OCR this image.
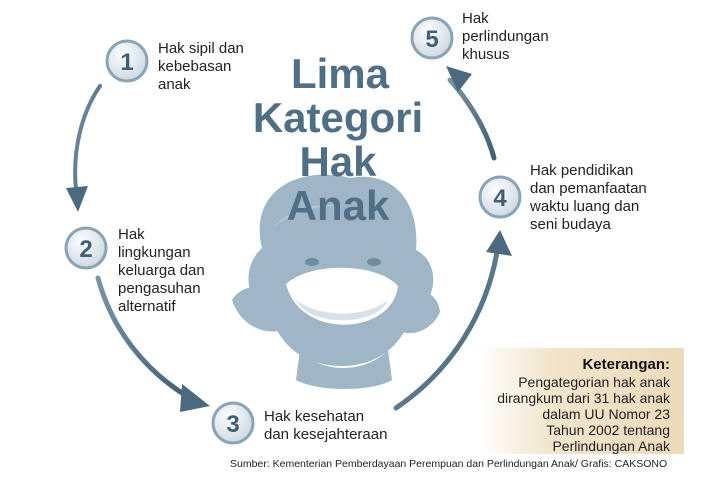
Lima
Kategori
Hak
Anak
1
2
3
4
5
Hak sipil dan
kebebasan
anak
Hak
lingkungan
keluarga dan
pengasuhan
alternatif
Hak kesehatan
dan kesejahteraan
Hak pendidikan
dan pemanfaatan
waktu luang dan
seni budaya
Hak
perlindungan
khusus
Keterangan:
Pengategorian hak anak
dirangkum dari 31 hak anak
dalam UU Nomor 23
Tahun 2002 tentang
Perlindungan Anak
Sumber: Kementerian Pemberdayaan Perempuan dan Perlindungan Anak/ Grafis: CAKSONO
